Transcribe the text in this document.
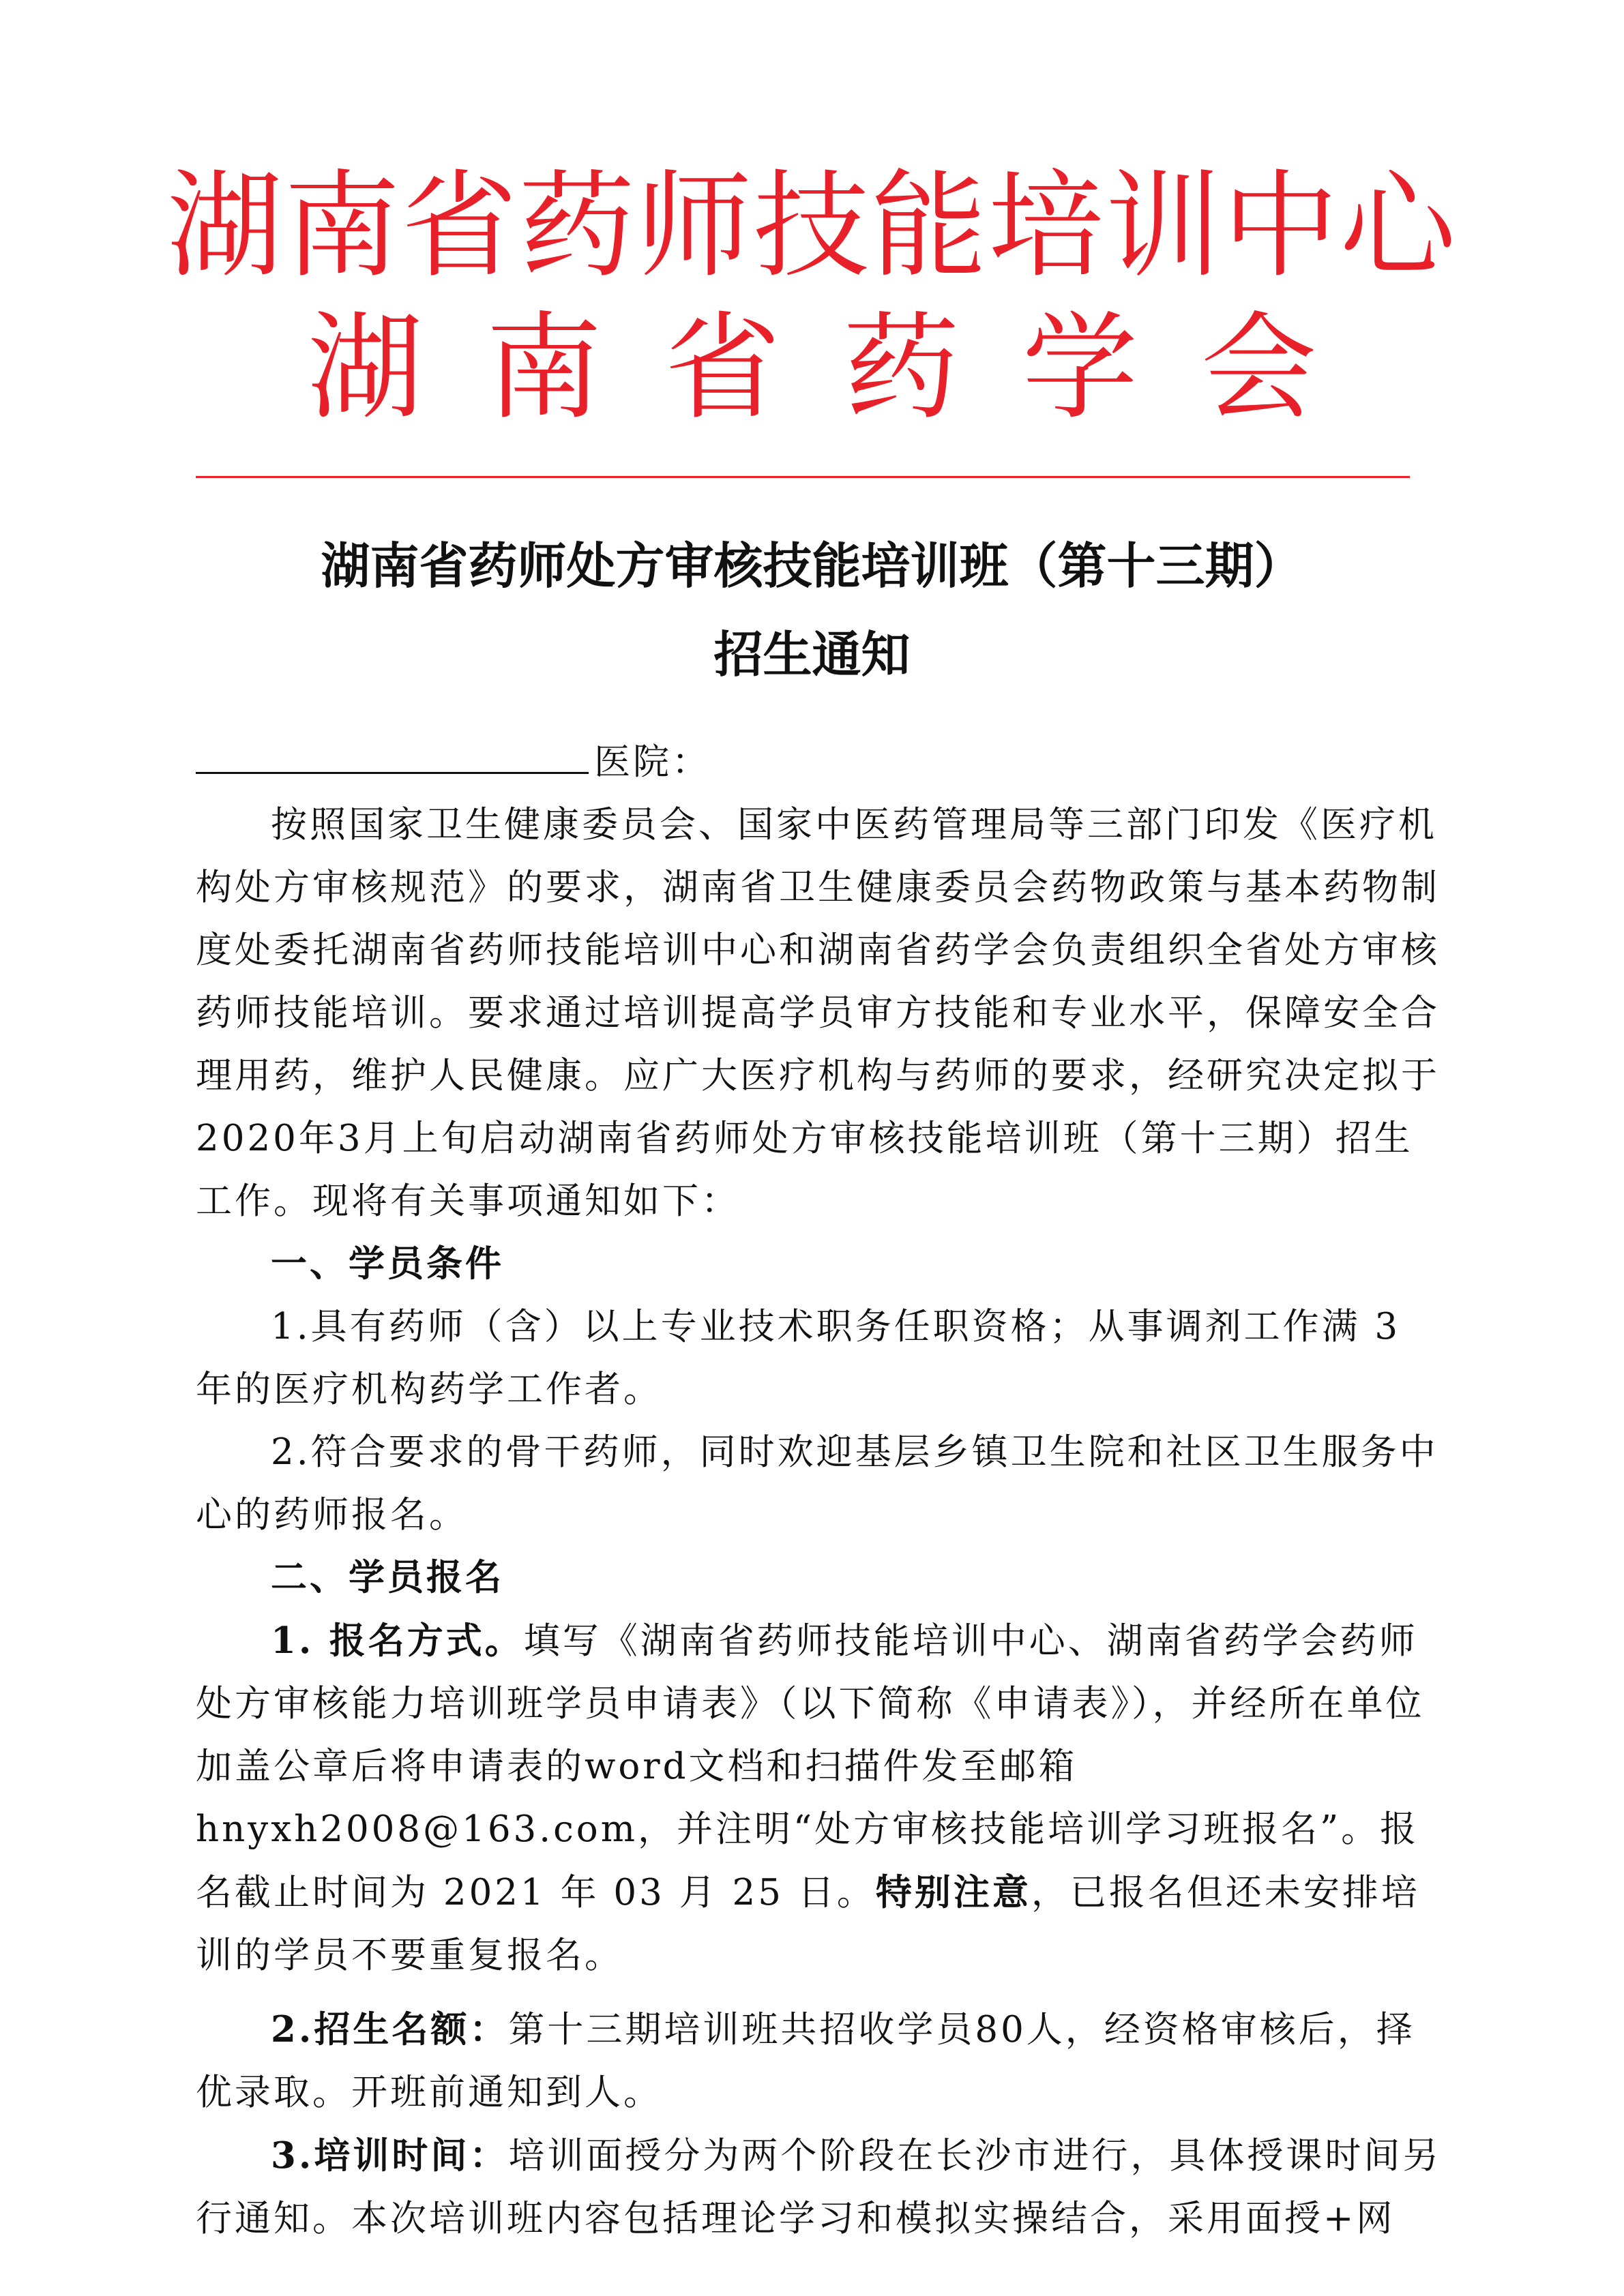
湖南省药师技能培训中心
湖南省药学会
湖南省药师处方审核技能培训班（第十三期）
招生通知

医院：

按照国家卫生健康委员会、国家中医药管理局等三部门印发《医疗机构处方审核规范》的要求，湖南省卫生健康委员会药物政策与基本药物制度处委托湖南省药师技能培训中心和湖南省药学会负责组织全省处方审核药师技能培训。要求通过培训提高学员审方技能和专业水平，保障安全合理用药，维护人民健康。应广大医疗机构与药师的要求，经研究决定拟于2020年3月上旬启动湖南省药师处方审核技能培训班（第十三期）招生工作。现将有关事项通知如下：

一、学员条件

1.具有药师（含）以上专业技术职务任职资格；从事调剂工作满 3 年的医疗机构药学工作者。

2.符合要求的骨干药师，同时欢迎基层乡镇卫生院和社区卫生服务中心的药师报名。

二、学员报名

1. 报名方式。填写《湖南省药师技能培训中心、湖南省药学会药师处方审核能力培训班学员申请表》（以下简称《申请表》），并经所在单位加盖公章后将申请表的word文档和扫描件发至邮箱 hnyxh2008@163.com，并注明“处方审核技能培训学习班报名”。报名截止时间为 2021 年 03 月 25 日。特别注意，已报名但还未安排培训的学员不要重复报名。

2.招生名额：第十三期培训班共招收学员80人，经资格审核后，择优录取。开班前通知到人。

3.培训时间：培训面授分为两个阶段在长沙市进行，具体授课时间另行通知。本次培训班内容包括理论学习和模拟实操结合，采用面授+网
